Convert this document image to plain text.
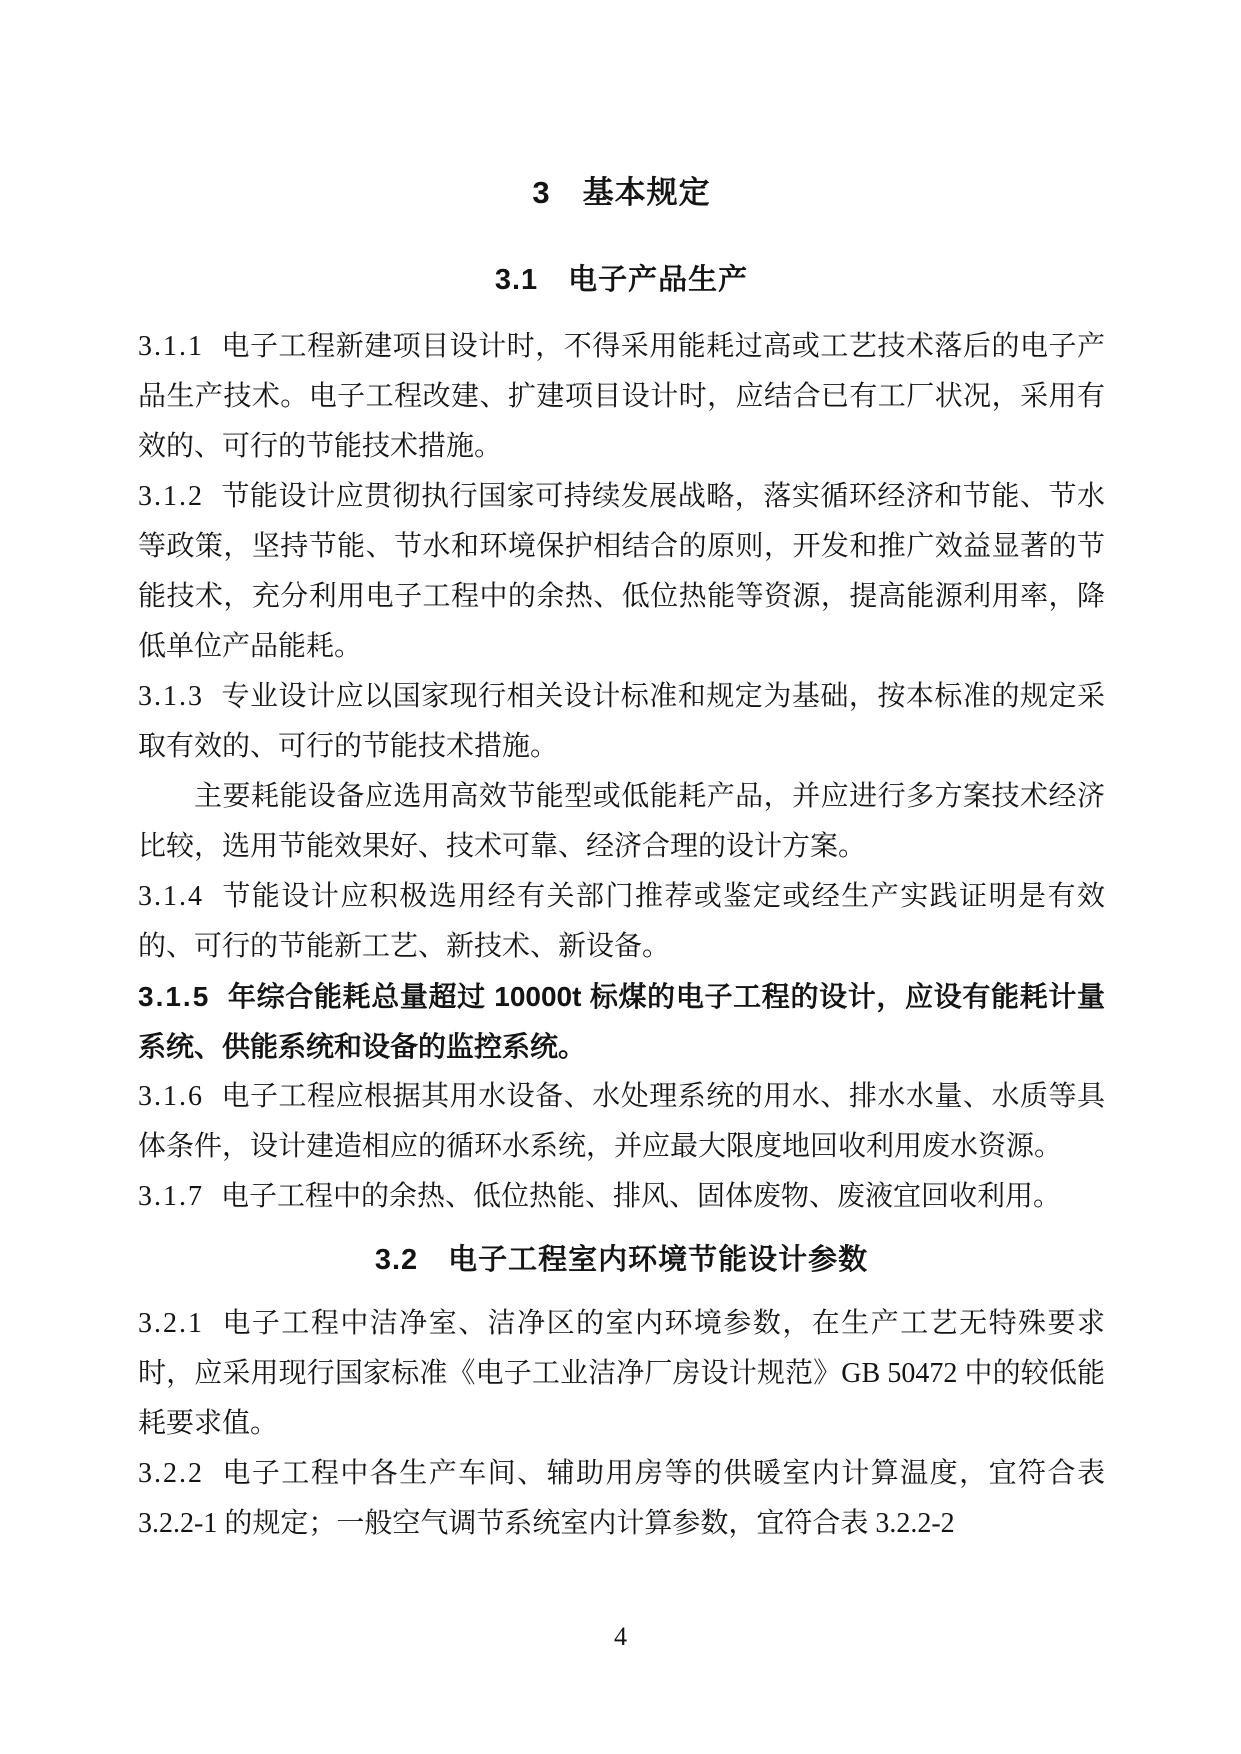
3　基本规定
3.1　电子产品生产

3.1.1 电子工程新建项目设计时，不得采用能耗过高或工艺技术落后的电子产品生产技术。电子工程改建、扩建项目设计时，应结合已有工厂状况，采用有效的、可行的节能技术措施。

3.1.2 节能设计应贯彻执行国家可持续发展战略，落实循环经济和节能、节水等政策，坚持节能、节水和环境保护相结合的原则，开发和推广效益显著的节能技术，充分利用电子工程中的余热、低位热能等资源，提高能源利用率，降低单位产品能耗。

3.1.3 专业设计应以国家现行相关设计标准和规定为基础，按本标准的规定采取有效的、可行的节能技术措施。

主要耗能设备应选用高效节能型或低能耗产品，并应进行多方案技术经济比较，选用节能效果好、技术可靠、经济合理的设计方案。

3.1.4 节能设计应积极选用经有关部门推荐或鉴定或经生产实践证明是有效的、可行的节能新工艺、新技术、新设备。

3.1.5 年综合能耗总量超过 10000t 标煤的电子工程的设计，应设有能耗计量系统、供能系统和设备的监控系统。

3.1.6 电子工程应根据其用水设备、水处理系统的用水、排水水量、水质等具体条件，设计建造相应的循环水系统，并应最大限度地回收利用废水资源。

3.1.7 电子工程中的余热、低位热能、排风、固体废物、废液宜回收利用。

3.2　电子工程室内环境节能设计参数

3.2.1 电子工程中洁净室、洁净区的室内环境参数，在生产工艺无特殊要求时，应采用现行国家标准《电子工业洁净厂房设计规范》GB 50472 中的较低能耗要求值。

3.2.2 电子工程中各生产车间、辅助用房等的供暖室内计算温度，宜符合表 3.2.2-1 的规定；一般空气调节系统室内计算参数，宜符合表 3.2.2-2

4
